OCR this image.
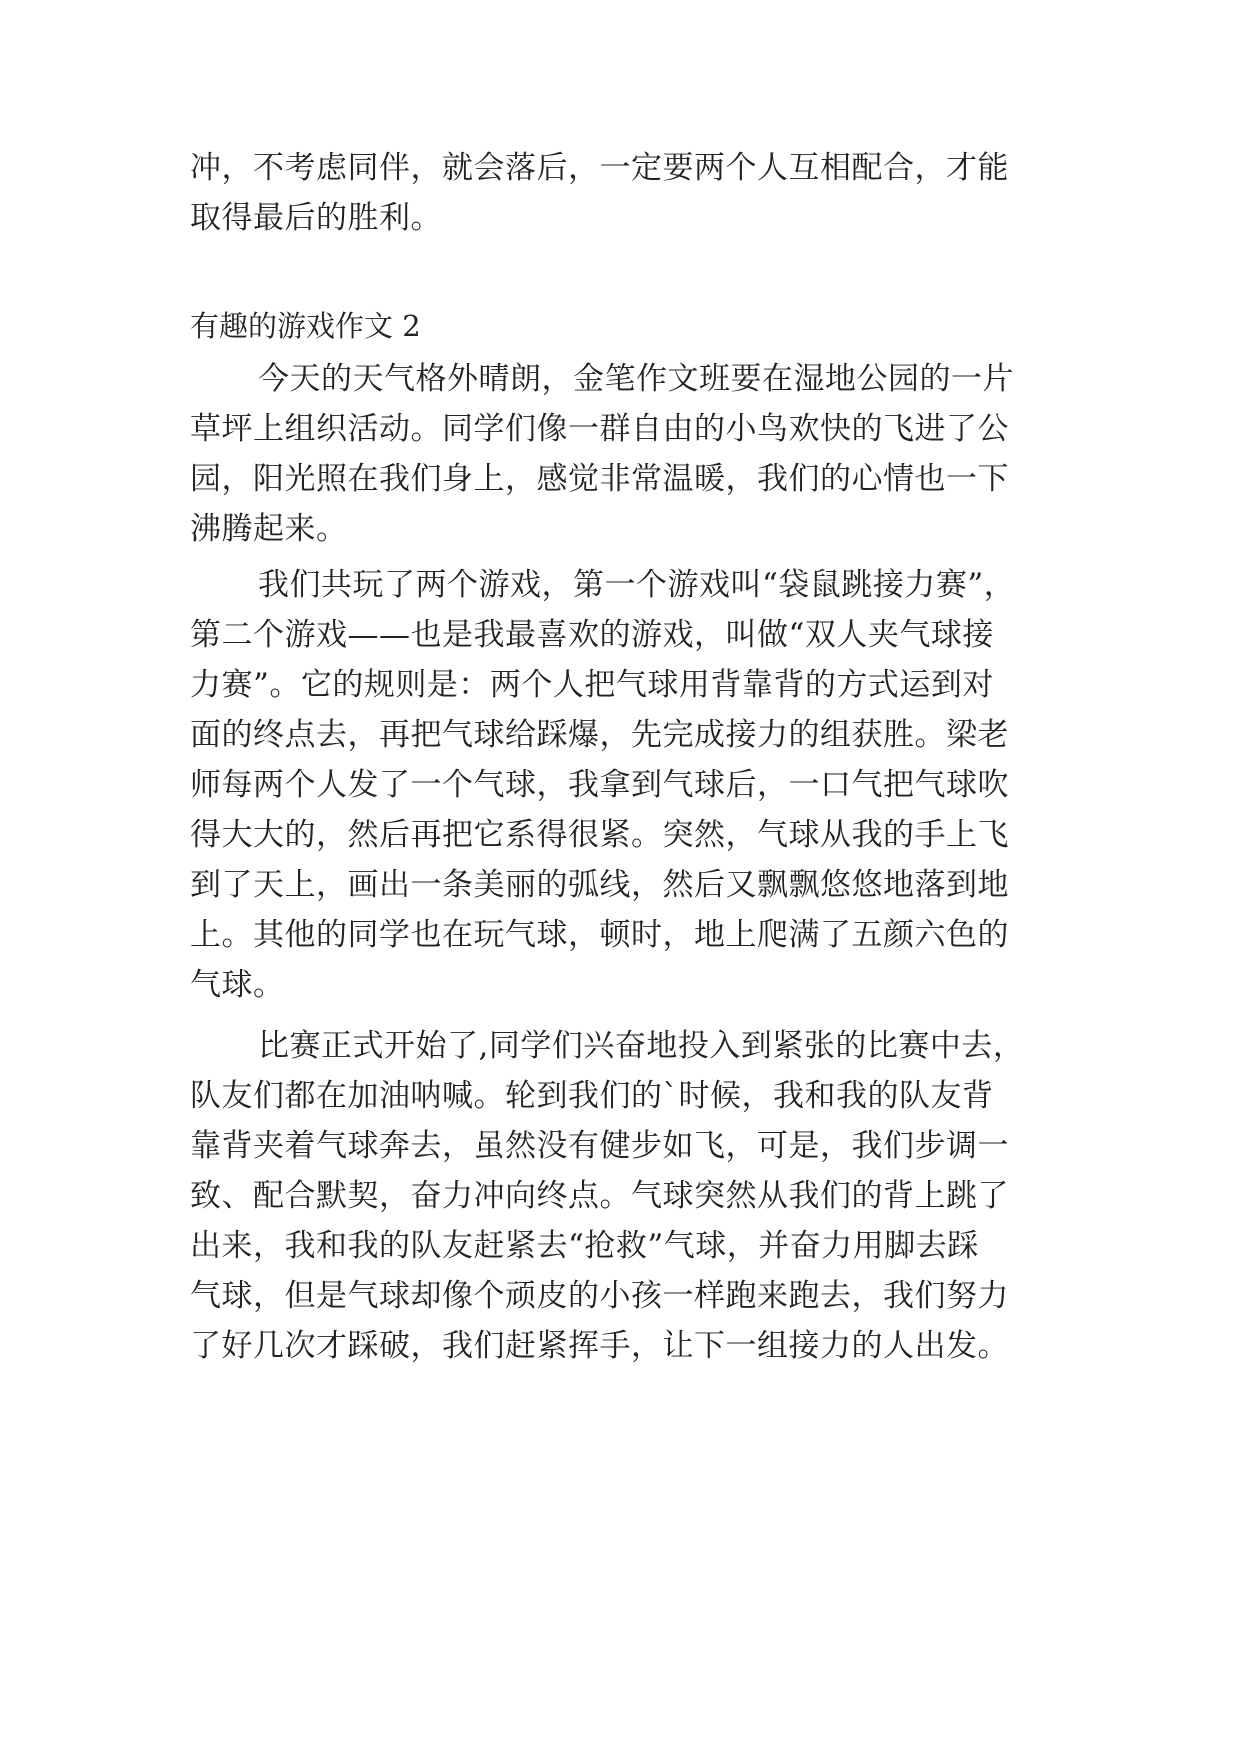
冲，不考虑同伴，就会落后，一定要两个人互相配合，才能
取得最后的胜利。
有趣的游戏作文 2
今天的天气格外晴朗，金笔作文班要在湿地公园的一片
草坪上组织活动。同学们像一群自由的小鸟欢快的飞进了公
园，阳光照在我们身上，感觉非常温暖，我们的心情也一下
沸腾起来。
我们共玩了两个游戏，第一个游戏叫“袋鼠跳接力赛”，
第二个游戏——也是我最喜欢的游戏，叫做“双人夹气球接
力赛”。它的规则是：两个人把气球用背靠背的方式运到对
面的终点去，再把气球给踩爆，先完成接力的组获胜。梁老
师每两个人发了一个气球，我拿到气球后，一口气把气球吹
得大大的，然后再把它系得很紧。突然，气球从我的手上飞
到了天上，画出一条美丽的弧线，然后又飘飘悠悠地落到地
上。其他的同学也在玩气球，顿时，地上爬满了五颜六色的
气球。
比赛正式开始了,同学们兴奋地投入到紧张的比赛中去，
队友们都在加油呐喊。轮到我们的`时候，我和我的队友背
靠背夹着气球奔去，虽然没有健步如飞，可是，我们步调一
致、配合默契，奋力冲向终点。气球突然从我们的背上跳了
出来，我和我的队友赶紧去“抢救”气球，并奋力用脚去踩
气球，但是气球却像个顽皮的小孩一样跑来跑去，我们努力
了好几次才踩破，我们赶紧挥手，让下一组接力的人出发。
